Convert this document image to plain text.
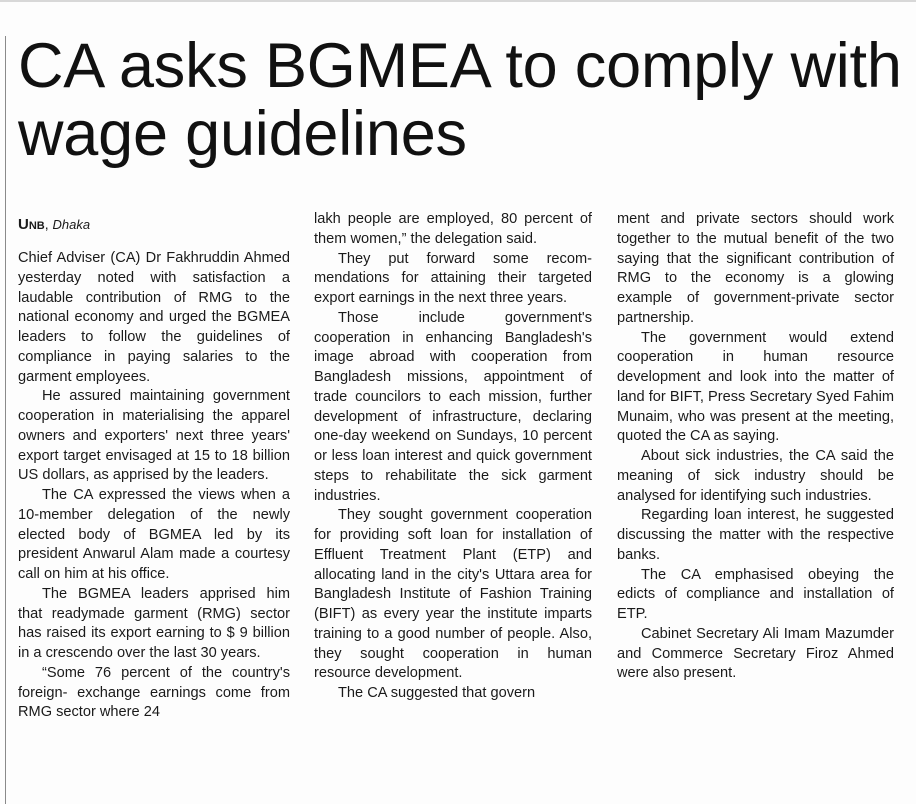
CA asks BGMEA to comply with wage guidelines
Unb, Dhaka

Chief Adviser (CA) Dr Fakhruddin Ahmed yesterday noted with satisfaction a laudable contribution of RMG to the national economy and urged the BGMEA leaders to follow the guidelines of compliance in paying salaries to the garment employees.

He assured maintaining government cooperation in materialising the apparel owners and exporters' next three years' export target envisaged at 15 to 18 billion US dollars, as apprised by the leaders.

The CA expressed the views when a 10-member delegation of the newly elected body of BGMEA led by its president Anwarul Alam made a courtesy call on him at his office.

The BGMEA leaders apprised him that readymade garment (RMG) sector has raised its export earning to $ 9 billion in a crescendo over the last 30 years.

“Some 76 percent of the country's foreign- exchange earnings come from RMG sector where 24

lakh people are employed, 80 percent of them women,” the delegation said.

They put forward some recommendations for attaining their targeted export earnings in the next three years.

Those include government's cooperation in enhancing Bangladesh's image abroad with cooperation from Bangladesh missions, appointment of trade councilors to each mission, further development of infrastructure, declaring one-day weekend on Sundays, 10 percent or less loan interest and quick government steps to rehabilitate the sick garment industries.

They sought government cooperation for providing soft loan for installation of Effluent Treatment Plant (ETP) and allocating land in the city's Uttara area for Bangladesh Institute of Fashion Training (BIFT) as every year the institute imparts training to a good number of people. Also, they sought cooperation in human resource development.

The CA suggested that govern

ment and private sectors should work together to the mutual benefit of the two saying that the significant contribution of RMG to the economy is a glowing example of government-private sector partnership.

The government would extend cooperation in human resource development and look into the matter of land for BIFT, Press Secretary Syed Fahim Munaim, who was present at the meeting, quoted the CA as saying.

About sick industries, the CA said the meaning of sick industry should be analysed for identifying such industries.

Regarding loan interest, he suggested discussing the matter with the respective banks.

The CA emphasised obeying the edicts of compliance and installation of ETP.

Cabinet Secretary Ali Imam Mazumder and Commerce Secretary Firoz Ahmed were also present.
